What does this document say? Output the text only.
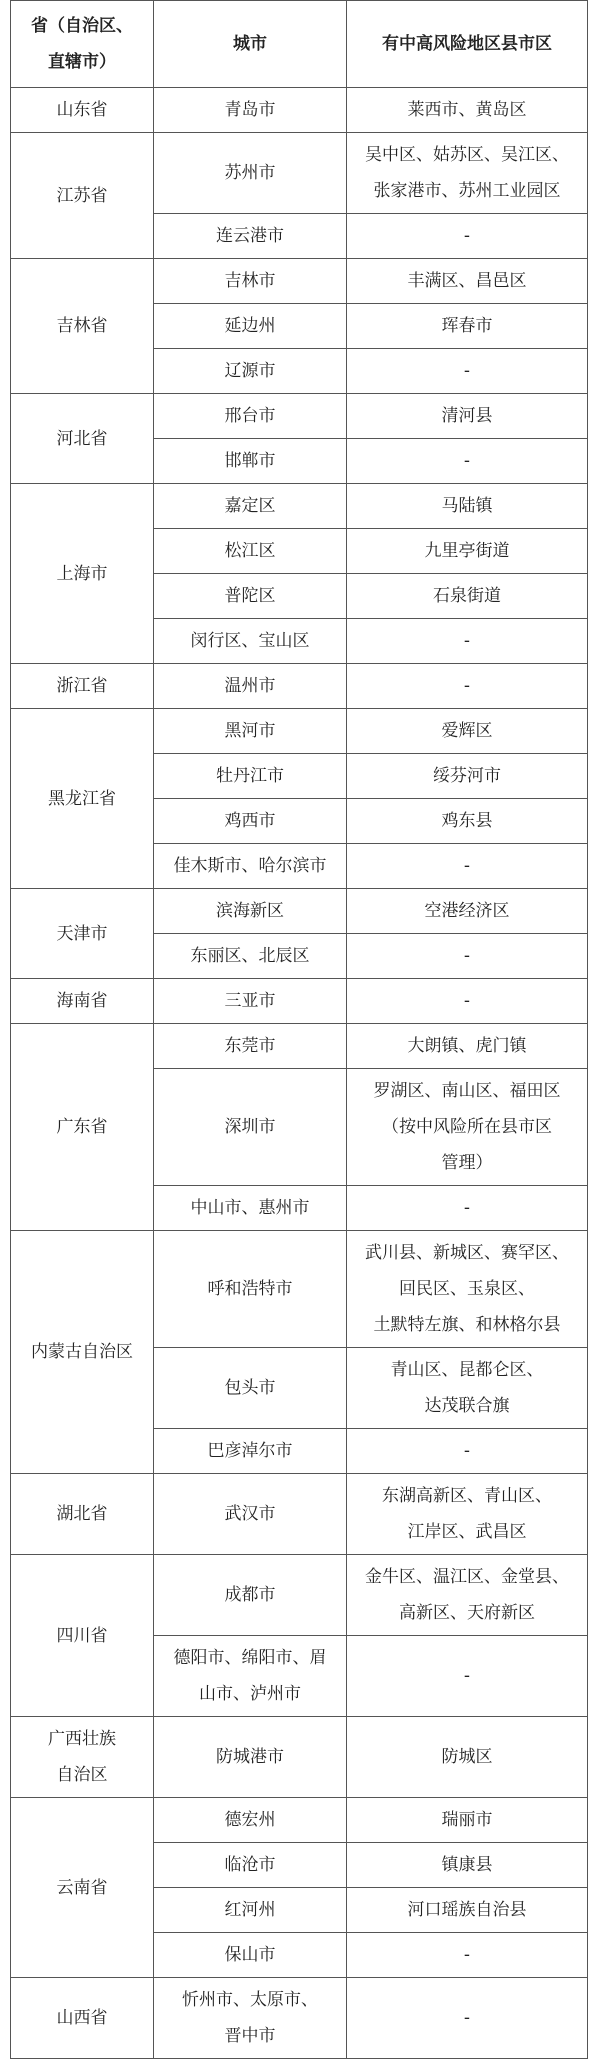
省（自治区、
直辖市）	城市	有中高风险地区县市区
山东省	青岛市	莱西市、黄岛区
江苏省	苏州市	吴中区、姑苏区、吴江区、
张家港市、苏州工业园区
	连云港市	-
吉林省	吉林市	丰满区、昌邑区
	延边州	珲春市
	辽源市	-
河北省	邢台市	清河县
	邯郸市	-
上海市	嘉定区	马陆镇
	松江区	九里亭街道
	普陀区	石泉街道
	闵行区、宝山区	-
浙江省	温州市	-
黑龙江省	黑河市	爱辉区
	牡丹江市	绥芬河市
	鸡西市	鸡东县
	佳木斯市、哈尔滨市	-
天津市	滨海新区	空港经济区
	东丽区、北辰区	-
海南省	三亚市	-
广东省	东莞市	大朗镇、虎门镇
	深圳市	罗湖区、南山区、福田区
（按中风险所在县市区
管理）
	中山市、惠州市	-
内蒙古自治区	呼和浩特市	武川县、新城区、赛罕区、
回民区、玉泉区、
土默特左旗、和林格尔县
	包头市	青山区、昆都仑区、
达茂联合旗
	巴彦淖尔市	-
湖北省	武汉市	东湖高新区、青山区、
江岸区、武昌区
四川省	成都市	金牛区、温江区、金堂县、
高新区、天府新区
	德阳市、绵阳市、眉
山市、泸州市	-
广西壮族
自治区	防城港市	防城区
云南省	德宏州	瑞丽市
	临沧市	镇康县
	红河州	河口瑶族自治县
	保山市	-
山西省	忻州市、太原市、
晋中市	-
